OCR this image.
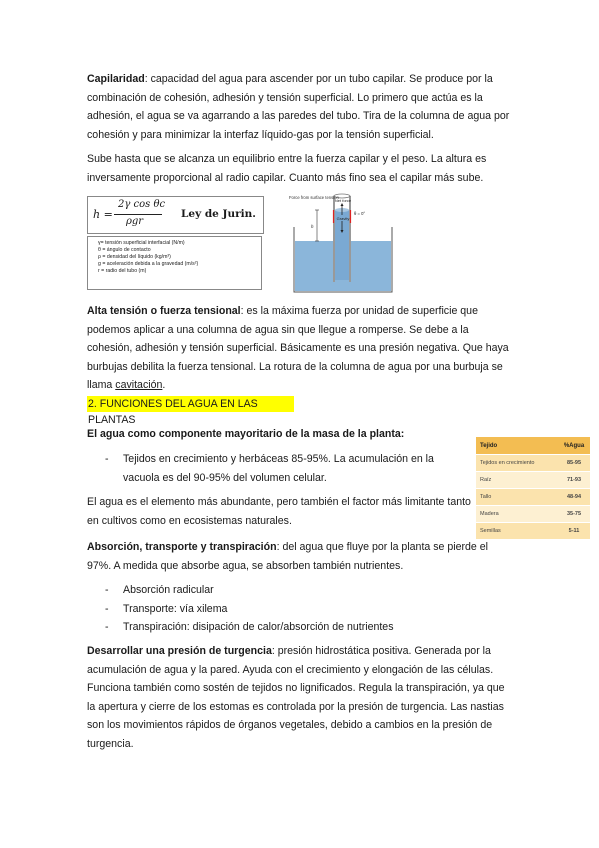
Capilaridad: capacidad del agua para ascender por un tubo capilar. Se produce por la combinación de cohesión, adhesión y tensión superficial. Lo primero que actúa es la adhesión, el agua se va agarrando a las paredes del tubo. Tira de la columna de agua por cohesión y para minimizar la interfaz líquido-gas por la tensión superficial.

Sube hasta que se alcanza un equilibrio entre la fuerza capilar y el peso. La altura es inversamente proporcional al radio capilar. Cuanto más fino sea el capilar más sube.

h =
2γ cos θc
ρgr
Ley de Jurin.
γ= tensión superficial interfacial (N/m)
θ = ángulo de contacto
ρ = densidad del líquido (kg/m³)
g = aceleración debida a la gravedad (m/s²)
r = radio del tubo (m)
Force from surface tension
Net force
Gravity
θ = 0°
h

Alta tensión o fuerza tensional: es la máxima fuerza por unidad de superficie que podemos aplicar a una columna de agua sin que llegue a romperse. Se debe a la cohesión, adhesión y tensión superficial. Básicamente es una presión negativa. Que haya burbujas debilita la fuerza tensional. La rotura de la columna de agua por una burbuja se llama cavitación.

2. FUNCIONES DEL AGUA EN LAS PLANTAS

El agua como componente mayoritario de la masa de la planta:

-	Tejidos en crecimiento y herbáceas 85-95%. La acumulación en la vacuola es del 90-95% del volumen celular.

El agua es el elemento más abundante, pero también el factor más limitante tanto en cultivos como en ecosistemas naturales.

Tejido	%Agua
Tejidos en crecimiento	85-95
Raíz	71-93
Tallo	48-94
Madera	35-75
Semillas	5-11

Absorción, transporte y transpiración: del agua que fluye por la planta se pierde el 97%. A medida que absorbe agua, se absorben también nutrientes.

-	Absorción radicular
-	Transporte: vía xilema
-	Transpiración: disipación de calor/absorción de nutrientes

Desarrollar una presión de turgencia: presión hidrostática positiva. Generada por la acumulación de agua y la pared. Ayuda con el crecimiento y elongación de las células. Funciona también como sostén de tejidos no lignificados. Regula la transpiración, ya que la apertura y cierre de los estomas es controlada por la presión de turgencia. Las nastias son los movimientos rápidos de órganos vegetales, debido a cambios en la presión de turgencia.
